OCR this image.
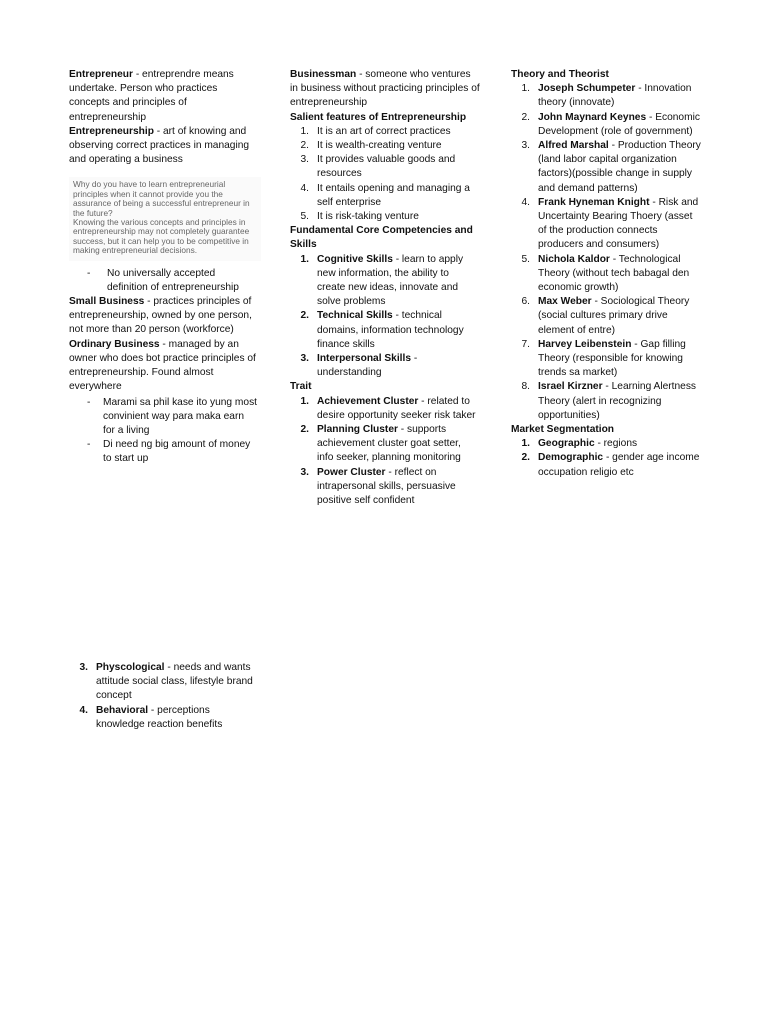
Entrepreneur - entreprendre means undertake. Person who practices concepts and principles of entrepreneurship

Entrepreneurship - art of knowing and observing correct practices in managing and operating a business

Why do you have to learn entrepreneurial principles when it cannot provide you the assurance of being a successful entrepreneur in the future?
Knowing the various concepts and principles in entrepreneurship may not completely guarantee success, but it can help you to be competitive in making entrepreneurial decisions.
-	No universally accepted definition of entrepreneurship

Small Business - practices principles of entrepreneurship, owned by one person, not more than 20 person (workforce)

Ordinary Business - managed by an owner who does bot practice principles of entrepreneurship. Found almost everywhere

-	Marami sa phil kase ito yung most convinient way para maka earn for a living
-	Di need ng big amount of money to start up

Businessman - someone who ventures in business without practicing principles of entrepreneurship

Salient features of Entrepreneurship

1. It is an art of correct practices
2. It is wealth-creating venture
3. It provides valuable goods and resources
4. It entails opening and managing a self enterprise
5. It is risk-taking venture

Fundamental Core Competencies and Skills

1. Cognitive Skills - learn to apply new information, the ability to create new ideas, innovate and solve problems
2. Technical Skills - technical domains, information technology finance skills
3. Interpersonal Skills - understanding

Trait

1. Achievement Cluster - related to desire opportunity seeker risk taker
2. Planning Cluster - supports achievement cluster goat setter, info seeker, planning monitoring
3. Power Cluster - reflect on intrapersonal skills, persuasive positive self confident

Theory and Theorist

1. Joseph Schumpeter - Innovation theory (innovate)
2. John Maynard Keynes - Economic Development (role of government)
3. Alfred Marshal - Production Theory (land labor capital organization factors)(possible change in supply and demand patterns)
4. Frank Hyneman Knight - Risk and Uncertainty Bearing Thoery (asset of the production connects producers and consumers)
5. Nichola Kaldor - Technological Theory (without tech babagal den economic growth)
6. Max Weber - Sociological Theory (social cultures primary drive element of entre)
7. Harvey Leibenstein - Gap filling Theory (responsible for knowing trends sa market)
8. Israel Kirzner - Learning Alertness Theory (alert in recognizing opportunities)

Market Segmentation

1. Geographic - regions
2. Demographic - gender age income occupation religio etc
3. Physcological - needs and wants attitude social class, lifestyle brand concept
4. Behavioral - perceptions knowledge reaction benefits
